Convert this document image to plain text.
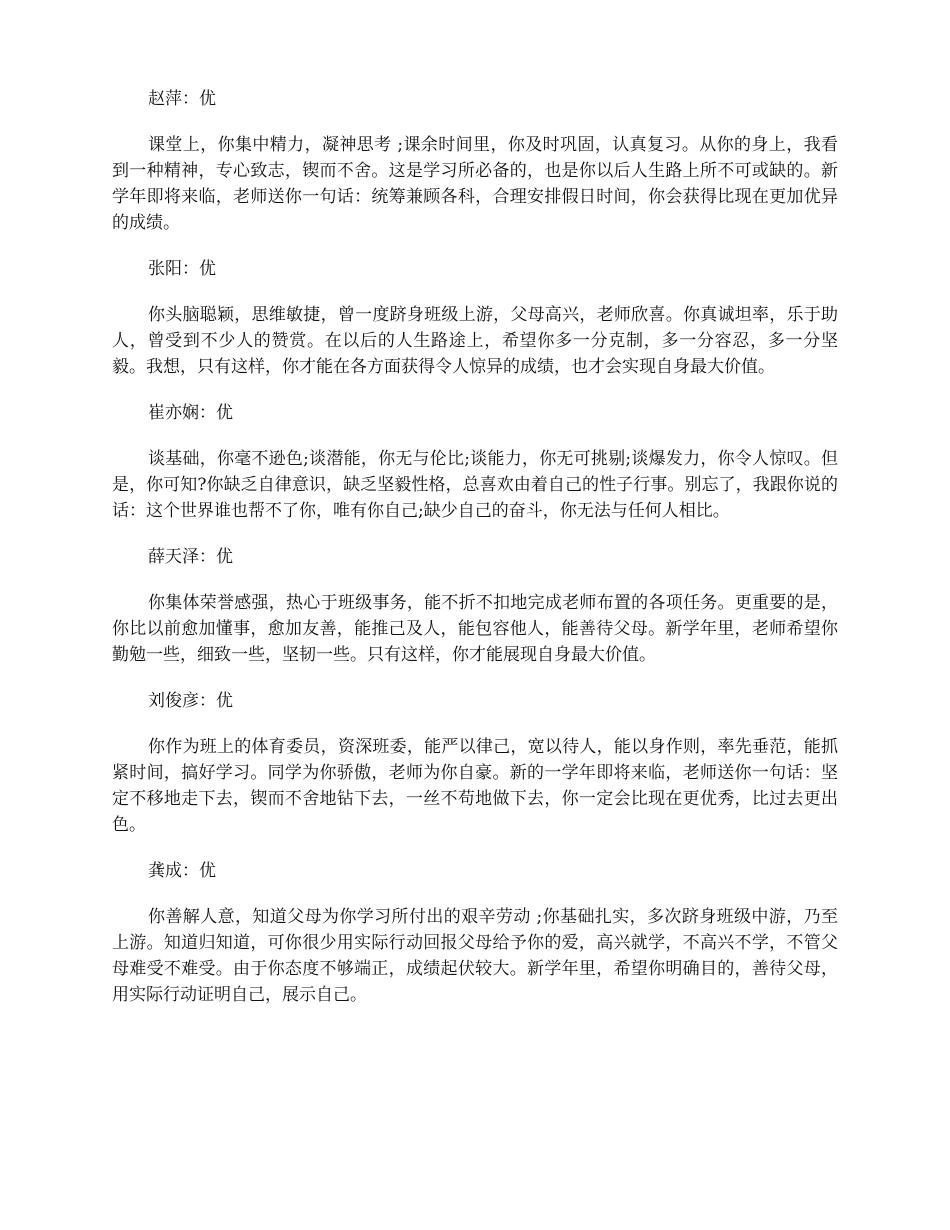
赵萍：优

课堂上，你集中精力，凝神思考 ;课余时间里，你及时巩固，认真复习。从你的身上，我看到一种精神，专心致志，锲而不舍。这是学习所必备的，也是你以后人生路上所不可或缺的。新学年即将来临，老师送你一句话：统筹兼顾各科，合理安排假日时间，你会获得比现在更加优异的成绩。

张阳：优

你头脑聪颖，思维敏捷，曾一度跻身班级上游，父母高兴，老师欣喜。你真诚坦率，乐于助人，曾受到不少人的赞赏。在以后的人生路途上，希望你多一分克制，多一分容忍，多一分坚毅。我想，只有这样，你才能在各方面获得令人惊异的成绩，也才会实现自身最大价值。

崔亦娴：优

谈基础，你毫不逊色;谈潜能，你无与伦比;谈能力，你无可挑剔;谈爆发力，你令人惊叹。但是，你可知?你缺乏自律意识，缺乏坚毅性格，总喜欢由着自己的性子行事。别忘了，我跟你说的话：这个世界谁也帮不了你，唯有你自己;缺少自己的奋斗，你无法与任何人相比。

薛天泽：优

你集体荣誉感强，热心于班级事务，能不折不扣地完成老师布置的各项任务。更重要的是，你比以前愈加懂事，愈加友善，能推己及人，能包容他人，能善待父母。新学年里，老师希望你勤勉一些，细致一些，坚韧一些。只有这样，你才能展现自身最大价值。

刘俊彦：优

你作为班上的体育委员，资深班委，能严以律己，宽以待人，能以身作则，率先垂范，能抓紧时间，搞好学习。同学为你骄傲，老师为你自豪。新的一学年即将来临，老师送你一句话：坚定不移地走下去，锲而不舍地钻下去，一丝不苟地做下去，你一定会比现在更优秀，比过去更出色。

龚成：优

你善解人意，知道父母为你学习所付出的艰辛劳动 ;你基础扎实，多次跻身班级中游，乃至上游。知道归知道，可你很少用实际行动回报父母给予你的爱，高兴就学，不高兴不学，不管父母难受不难受。由于你态度不够端正，成绩起伏较大。新学年里，希望你明确目的，善待父母，用实际行动证明自己，展示自己。
